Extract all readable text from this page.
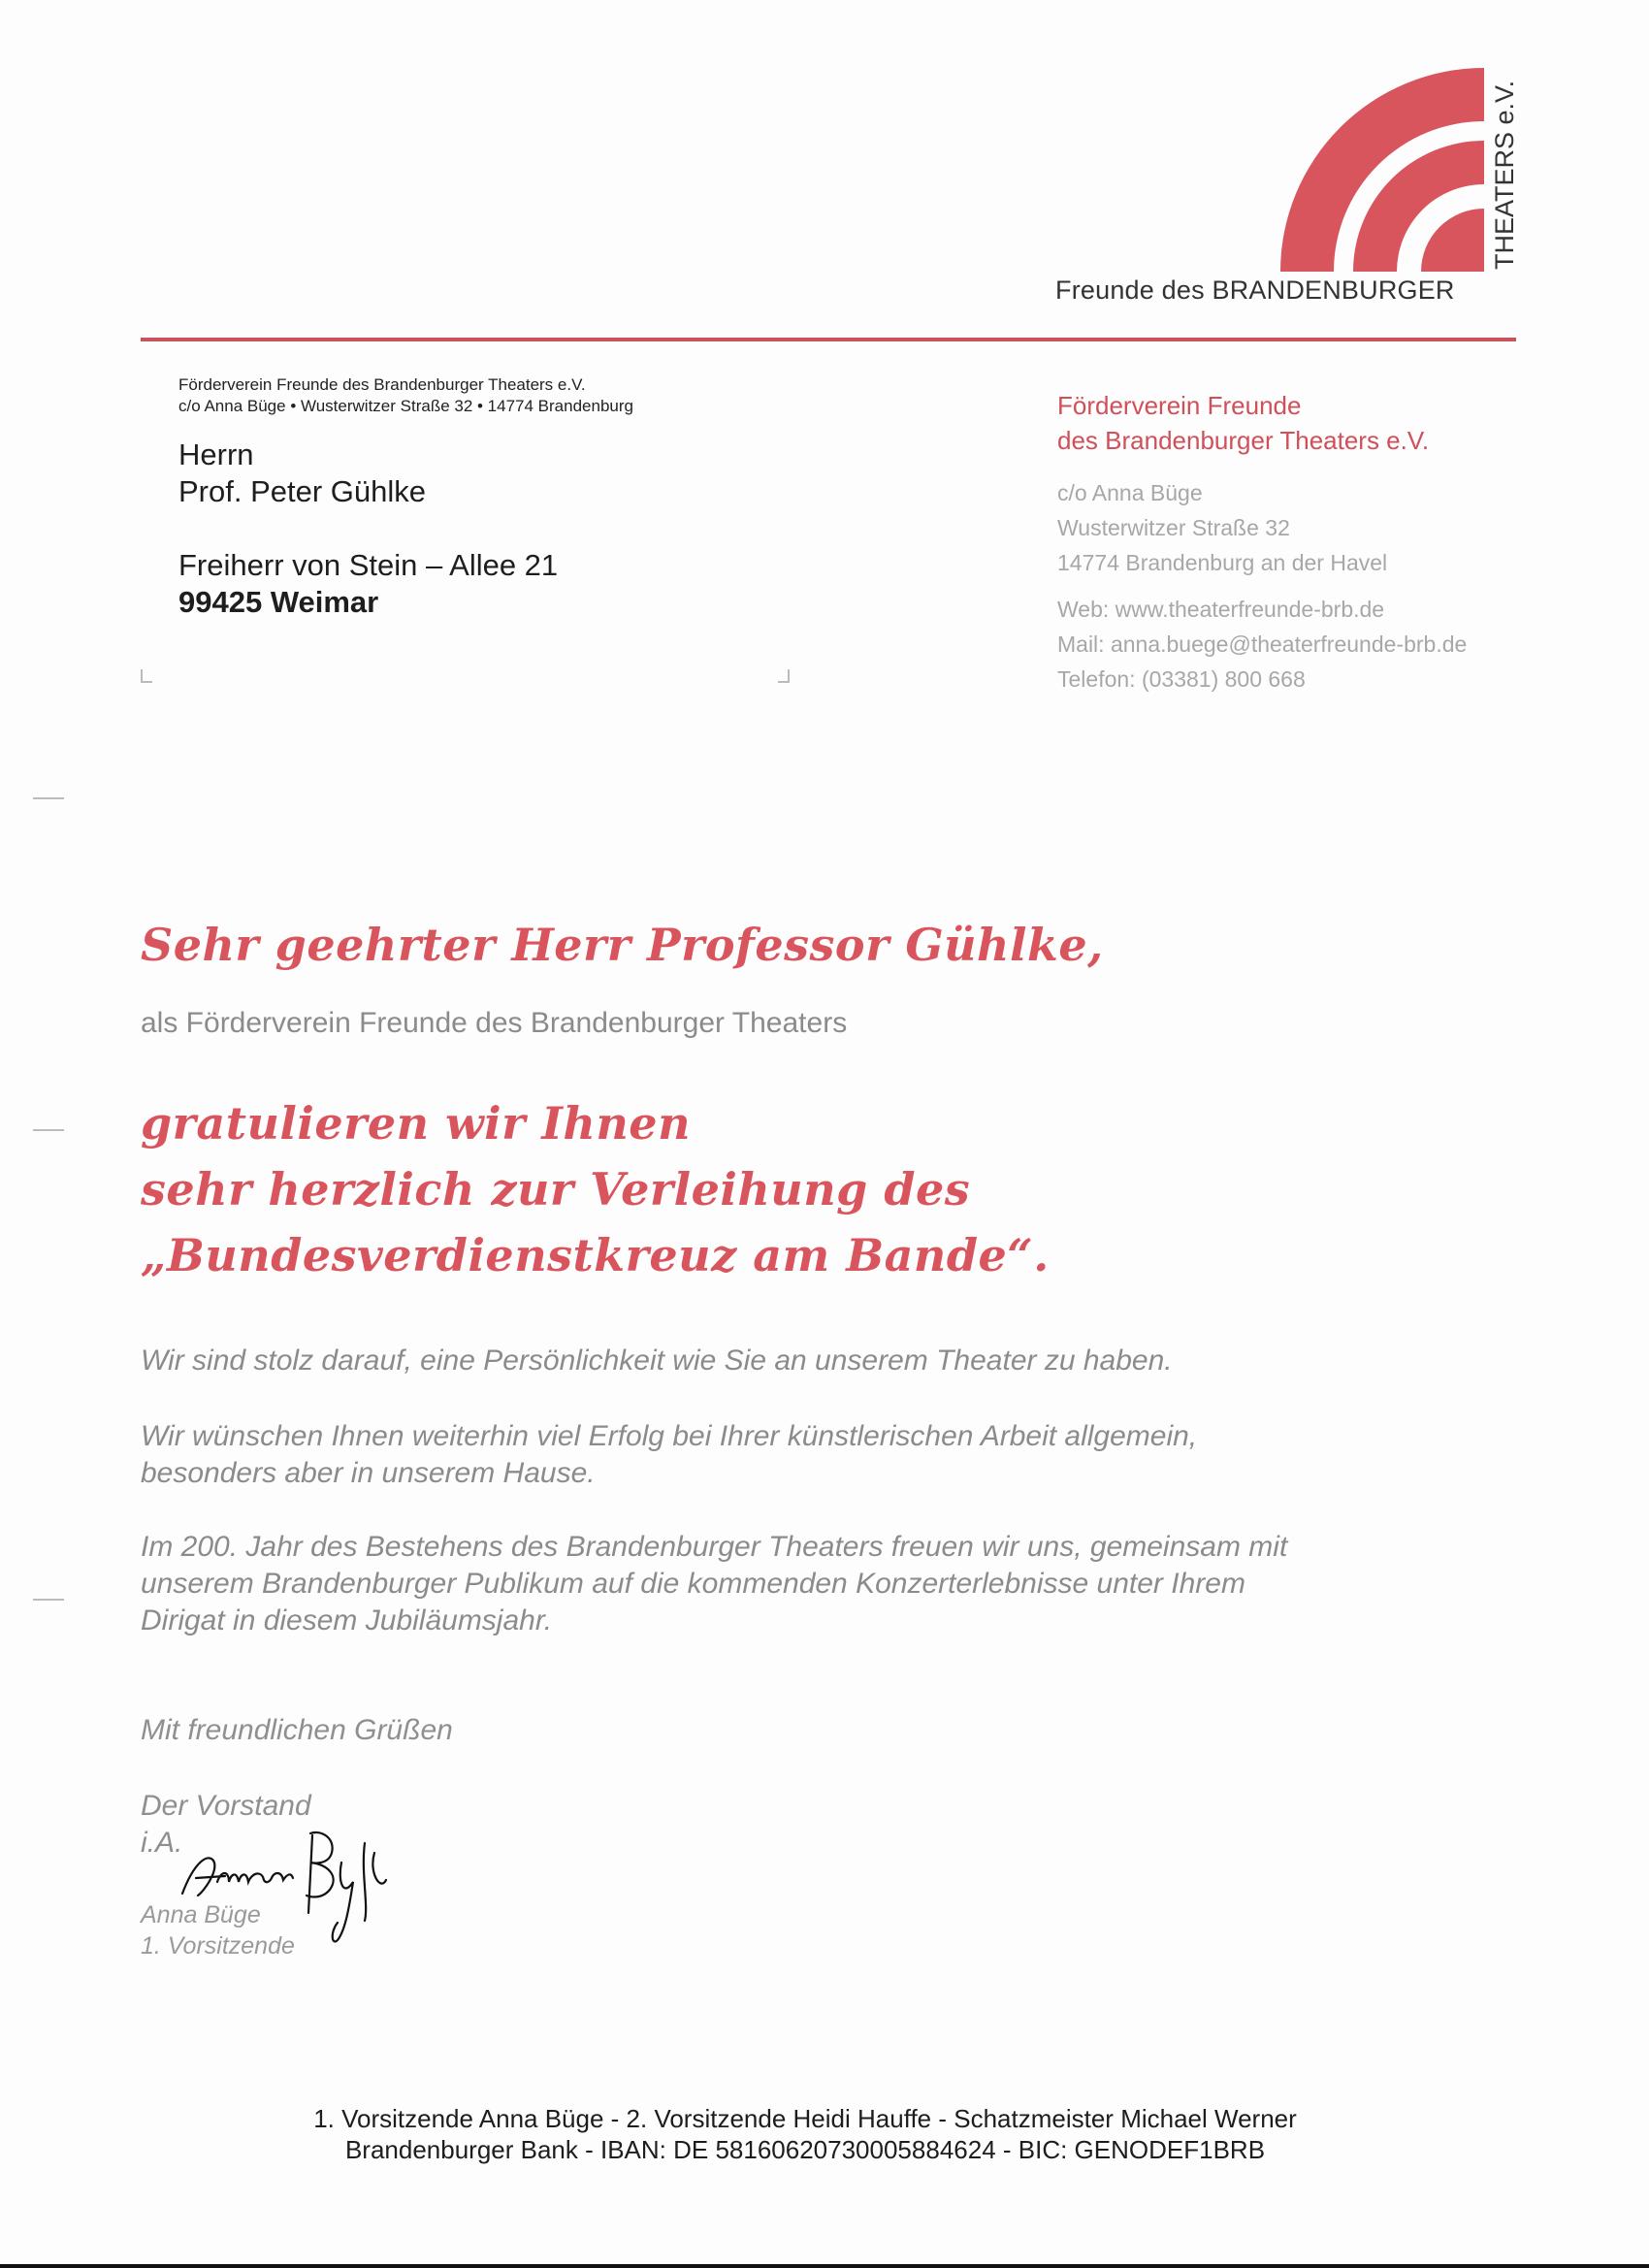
THEATERS e.V.
Freunde des BRANDENBURGER
Förderverein Freunde des Brandenburger Theaters e.V.
c/o Anna Büge • Wusterwitzer Straße 32 • 14774 Brandenburg
Herrn
Prof. Peter Gühlke
Freiherr von Stein – Allee 21
99425 Weimar
Förderverein Freunde
des Brandenburger Theaters e.V.
c/o Anna Büge
Wusterwitzer Straße 32
14774 Brandenburg an der Havel
Web: www.theaterfreunde-brb.de
Mail: anna.buege@theaterfreunde-brb.de
Telefon: (03381) 800 668
Sehr geehrter Herr Professor Gühlke,
als Förderverein Freunde des Brandenburger Theaters
gratulieren wir Ihnen
sehr herzlich zur Verleihung des
„Bundesverdienstkreuz am Bande“.
Wir sind stolz darauf, eine Persönlichkeit wie Sie an unserem Theater zu haben.
Wir wünschen Ihnen weiterhin viel Erfolg bei Ihrer künstlerischen Arbeit allgemein,
besonders aber in unserem Hause.
Im 200. Jahr des Bestehens des Brandenburger Theaters freuen wir uns, gemeinsam mit
unserem Brandenburger Publikum auf die kommenden Konzerterlebnisse unter Ihrem
Dirigat in diesem Jubiläumsjahr.
Mit freundlichen Grüßen
Der Vorstand
i.A.
Anna Büge
1. Vorsitzende
1. Vorsitzende Anna Büge - 2. Vorsitzende Heidi Hauffe - Schatzmeister Michael Werner
Brandenburger Bank - IBAN: DE 58160620730005884624 - BIC: GENODEF1BRB
